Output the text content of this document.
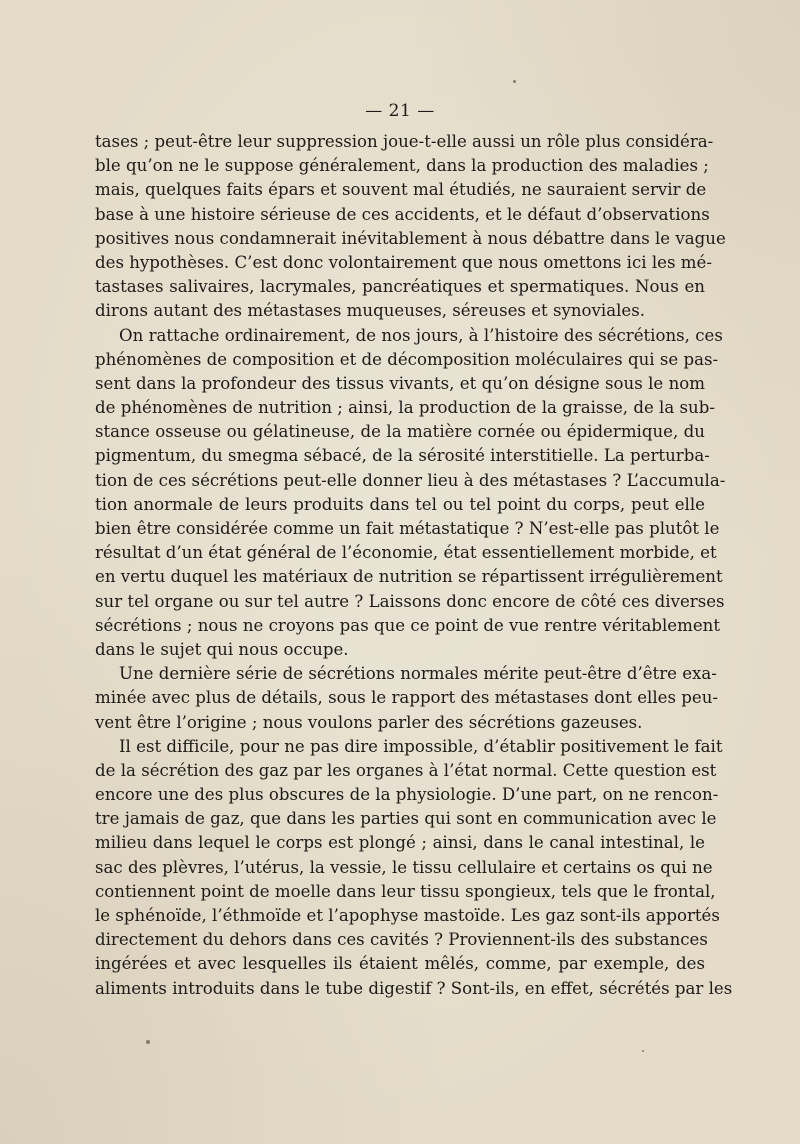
— 21 —
tases ; peut-être leur suppression joue-t-elle aussi un rôle plus considéra-
ble qu’on ne le suppose généralement, dans la production des maladies ;
mais, quelques faits épars et souvent mal étudiés, ne sauraient servir de
base à une histoire sérieuse de ces accidents, et le défaut d’observations
positives nous condamnerait inévitablement à nous débattre dans le vague
des hypothèses. C’est donc volontairement que nous omettons ici les mé-
tastases salivaires, lacrymales, pancréatiques et spermatiques. Nous en
dirons autant des métastases muqueuses, séreuses et synoviales.
On rattache ordinairement, de nos jours, à l’histoire des sécrétions, ces
phénomènes de composition et de décomposition moléculaires qui se pas-
sent dans la profondeur des tissus vivants, et qu’on désigne sous le nom
de phénomènes de nutrition ; ainsi, la production de la graisse, de la sub-
stance osseuse ou gélatineuse, de la matière cornée ou épidermique, du
pigmentum, du smegma sébacé, de la sérosité interstitielle. La perturba-
tion de ces sécrétions peut-elle donner lieu à des métastases ? L’accumula-
tion anormale de leurs produits dans tel ou tel point du corps, peut elle
bien être considérée comme un fait métastatique ? N’est-elle pas plutôt le
résultat d’un état général de l’économie, état essentiellement morbide, et
en vertu duquel les matériaux de nutrition se répartissent irrégulièrement
sur tel organe ou sur tel autre ? Laissons donc encore de côté ces diverses
sécrétions ; nous ne croyons pas que ce point de vue rentre véritablement
dans le sujet qui nous occupe.
Une dernière série de sécrétions normales mérite peut-être d’être exa-
minée avec plus de détails, sous le rapport des métastases dont elles peu-
vent être l’origine ; nous voulons parler des sécrétions gazeuses.
Il est difficile, pour ne pas dire impossible, d’établir positivement le fait
de la sécrétion des gaz par les organes à l’état normal. Cette question est
encore une des plus obscures de la physiologie. D’une part, on ne rencon-
tre jamais de gaz, que dans les parties qui sont en communication avec le
milieu dans lequel le corps est plongé ; ainsi, dans le canal intestinal, le
sac des plèvres, l’utérus, la vessie, le tissu cellulaire et certains os qui ne
contiennent point de moelle dans leur tissu spongieux, tels que le frontal,
le sphénoïde, l’éthmoïde et l’apophyse mastoïde. Les gaz sont-ils apportés
directement du dehors dans ces cavités ? Proviennent-ils des substances
ingérées et avec lesquelles ils étaient mêlés, comme, par exemple, des
aliments introduits dans le tube digestif ? Sont-ils, en effet, sécrétés par les
